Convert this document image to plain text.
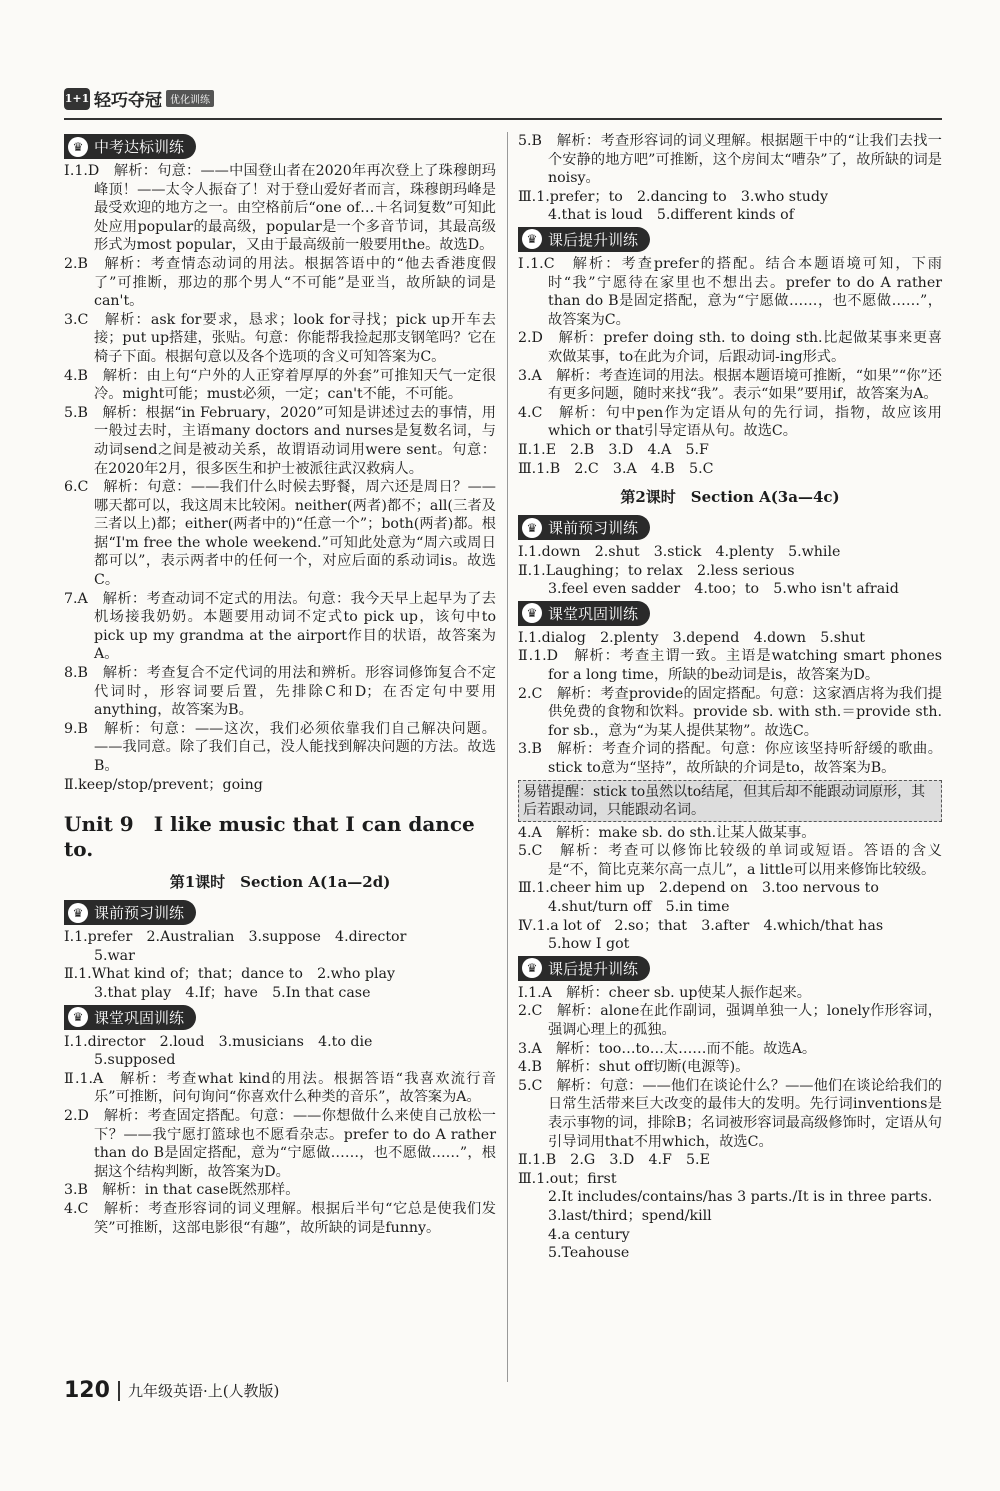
1+1 轻巧夺冠 优化训练
♛ 中考达标训练
Ⅰ.1.D　解析：句意：——中国登山者在2020年再次登上了珠穆朗玛峰顶！——太令人振奋了！对于登山爱好者而言，珠穆朗玛峰是最受欢迎的地方之一。由空格前后“one of…＋名词复数”可知此处应用popular的最高级，popular是一个多音节词，其最高级形式为most popular，又由于最高级前一般要用the。故选D。
2.B　解析：考查情态动词的用法。根据答语中的“他去香港度假了”可推断，那边的那个男人“不可能”是亚当，故所缺的词是can't。
3.C　解析：ask for要求，恳求；look for寻找；pick up开车去接；put up搭建，张贴。句意：你能帮我捡起那支钢笔吗？它在椅子下面。根据句意以及各个选项的含义可知答案为C。
4.B　解析：由上句“户外的人正穿着厚厚的外套”可推知天气一定很冷。might可能；must必须，一定；can't不能，不可能。
5.B　解析：根据“in February，2020”可知是讲述过去的事情，用一般过去时，主语many doctors and nurses是复数名词，与动词send之间是被动关系，故谓语动词用were sent。句意：在2020年2月，很多医生和护士被派往武汉救病人。
6.C　解析：句意：——我们什么时候去野餐，周六还是周日？——哪天都可以，我这周末比较闲。neither(两者)都不；all(三者及三者以上)都；either(两者中的)“任意一个”；both(两者)都。根据“I'm free the whole weekend.”可知此处意为“周六或周日都可以”，表示两者中的任何一个，对应后面的系动词is。故选C。
7.A　解析：考查动词不定式的用法。句意：我今天早上起早为了去机场接我奶奶。本题要用动词不定式to pick up，该句中to pick up my grandma at the airport作目的状语，故答案为A。
8.B　解析：考查复合不定代词的用法和辨析。形容词修饰复合不定代词时，形容词要后置，先排除C和D；在否定句中要用anything，故答案为B。
9.B　解析：句意：——这次，我们必须依靠我们自己解决问题。——我同意。除了我们自己，没人能找到解决问题的方法。故选B。
Ⅱ.keep/stop/prevent；going
Unit 9　I like music that I can dance to.
第1课时　Section A(1a—2d)
♛ 课前预习训练
Ⅰ.1.prefer　2.Australian　3.suppose　4.director
5.war
Ⅱ.1.What kind of；that；dance to　2.who play
3.that play　4.If；have　5.In that case
♛ 课堂巩固训练
Ⅰ.1.director　2.loud　3.musicians　4.to die
5.supposed
Ⅱ.1.A　解析：考查what kind的用法。根据答语“我喜欢流行音乐”可推断，问句询问“你喜欢什么种类的音乐”，故答案为A。
2.D　解析：考查固定搭配。句意：——你想做什么来使自己放松一下？——我宁愿打篮球也不愿看杂志。prefer to do A rather than do B是固定搭配，意为“宁愿做……，也不愿做……”，根据这个结构判断，故答案为D。
3.B　解析：in that case既然那样。
4.C　解析：考查形容词的词义理解。根据后半句“它总是使我们发笑”可推断，这部电影很“有趣”，故所缺的词是funny。
5.B　解析：考查形容词的词义理解。根据题干中的“让我们去找一个安静的地方吧”可推断，这个房间太“嘈杂”了，故所缺的词是noisy。
Ⅲ.1.prefer；to　2.dancing to　3.who study
4.that is loud　5.different kinds of
♛ 课后提升训练
Ⅰ.1.C　解析：考查prefer的搭配。结合本题语境可知，下雨时“我”宁愿待在家里也不想出去。prefer to do A rather than do B是固定搭配，意为“宁愿做……，也不愿做……”，故答案为C。
2.D　解析：prefer doing sth. to doing sth.比起做某事来更喜欢做某事，to在此为介词，后跟动词-ing形式。
3.A　解析：考查连词的用法。根据本题语境可推断，“如果”“你”还有更多问题，随时来找“我”。表示“如果”要用if，故答案为A。
4.C　解析：句中pen作为定语从句的先行词，指物，故应该用which or that引导定语从句。故选C。
Ⅱ.1.E　2.B　3.D　4.A　5.F
Ⅲ.1.B　2.C　3.A　4.B　5.C
第2课时　Section A(3a—4c)
♛ 课前预习训练
Ⅰ.1.down　2.shut　3.stick　4.plenty　5.while
Ⅱ.1.Laughing；to relax　2.less serious
3.feel even sadder　4.too；to　5.who isn't afraid
♛ 课堂巩固训练
Ⅰ.1.dialog　2.plenty　3.depend　4.down　5.shut
Ⅱ.1.D　解析：考查主谓一致。主语是watching smart phones for a long time，所缺的be动词是is，故答案为D。
2.C　解析：考查provide的固定搭配。句意：这家酒店将为我们提供免费的食物和饮料。provide sb. with sth.＝provide sth. for sb.，意为“为某人提供某物”。故选C。
3.B　解析：考查介词的搭配。句意：你应该坚持听舒缓的歌曲。stick to意为“坚持”，故所缺的介词是to，故答案为B。
易错提醒：stick to虽然以to结尾，但其后却不能跟动词原形，其后若跟动词，只能跟动名词。
4.A　解析：make sb. do sth.让某人做某事。
5.C　解析：考查可以修饰比较级的单词或短语。答语的含义是“不，简比克莱尔高一点儿”，a little可以用来修饰比较级。
Ⅲ.1.cheer him up　2.depend on　3.too nervous to
4.shut/turn off　5.in time
Ⅳ.1.a lot of　2.so；that　3.after　4.which/that has
5.how I got
♛ 课后提升训练
Ⅰ.1.A　解析：cheer sb. up使某人振作起来。
2.C　解析：alone在此作副词，强调单独一人；lonely作形容词，强调心理上的孤独。
3.A　解析：too…to…太……而不能。故选A。
4.B　解析：shut off切断(电源等)。
5.C　解析：句意：——他们在谈论什么？——他们在谈论给我们的日常生活带来巨大改变的最伟大的发明。先行词inventions是表示事物的词，排除B；名词被形容词最高级修饰时，定语从句引导词用that不用which，故选C。
Ⅱ.1.B　2.G　3.D　4.F　5.E
Ⅲ.1.out；first
2.It includes/contains/has 3 parts./It is in three parts.
3.last/third；spend/kill
4.a century
5.Teahouse
120 九年级英语·上(人教版)
